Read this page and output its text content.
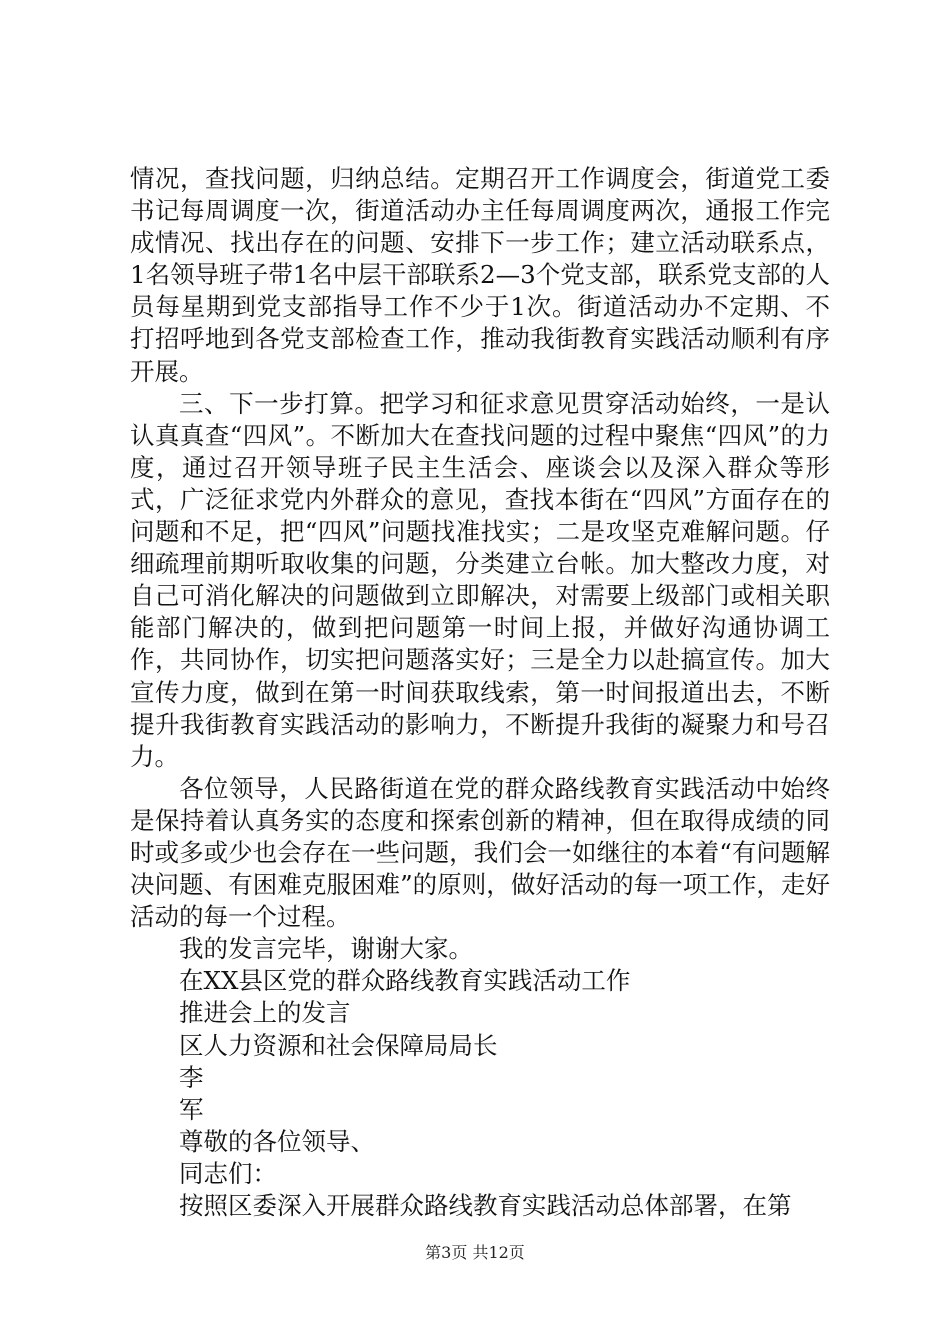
情况，查找问题，归纳总结。定期召开工作调度会，街道党工委书记每周调度一次，街道活动办主任每周调度两次，通报工作完成情况、找出存在的问题、安排下一步工作；建立活动联系点，1名领导班子带1名中层干部联系2—3个党支部，联系党支部的人员每星期到党支部指导工作不少于1次。街道活动办不定期、不打招呼地到各党支部检查工作，推动我街教育实践活动顺利有序开展。

三、下一步打算。把学习和征求意见贯穿活动始终，一是认认真真查“四风”。不断加大在查找问题的过程中聚焦“四风”的力度，通过召开领导班子民主生活会、座谈会以及深入群众等形式，广泛征求党内外群众的意见，查找本街在“四风”方面存在的问题和不足，把“四风”问题找准找实；二是攻坚克难解问题。仔细疏理前期听取收集的问题，分类建立台帐。加大整改力度，对自己可消化解决的问题做到立即解决，对需要上级部门或相关职能部门解决的，做到把问题第一时间上报，并做好沟通协调工作，共同协作，切实把问题落实好；三是全力以赴搞宣传。加大宣传力度，做到在第一时间获取线索，第一时间报道出去，不断提升我街教育实践活动的影响力，不断提升我街的凝聚力和号召力。

各位领导，人民路街道在党的群众路线教育实践活动中始终是保持着认真务实的态度和探索创新的精神，但在取得成绩的同时或多或少也会存在一些问题，我们会一如继往的本着“有问题解决问题、有困难克服困难”的原则，做好活动的每一项工作，走好活动的每一个过程。

我的发言完毕，谢谢大家。

在XX县区党的群众路线教育实践活动工作

推进会上的发言

区人力资源和社会保障局局长

李

军

尊敬的各位领导、

同志们：

按照区委深入开展群众路线教育实践活动总体部署，在第

第3页 共12页
